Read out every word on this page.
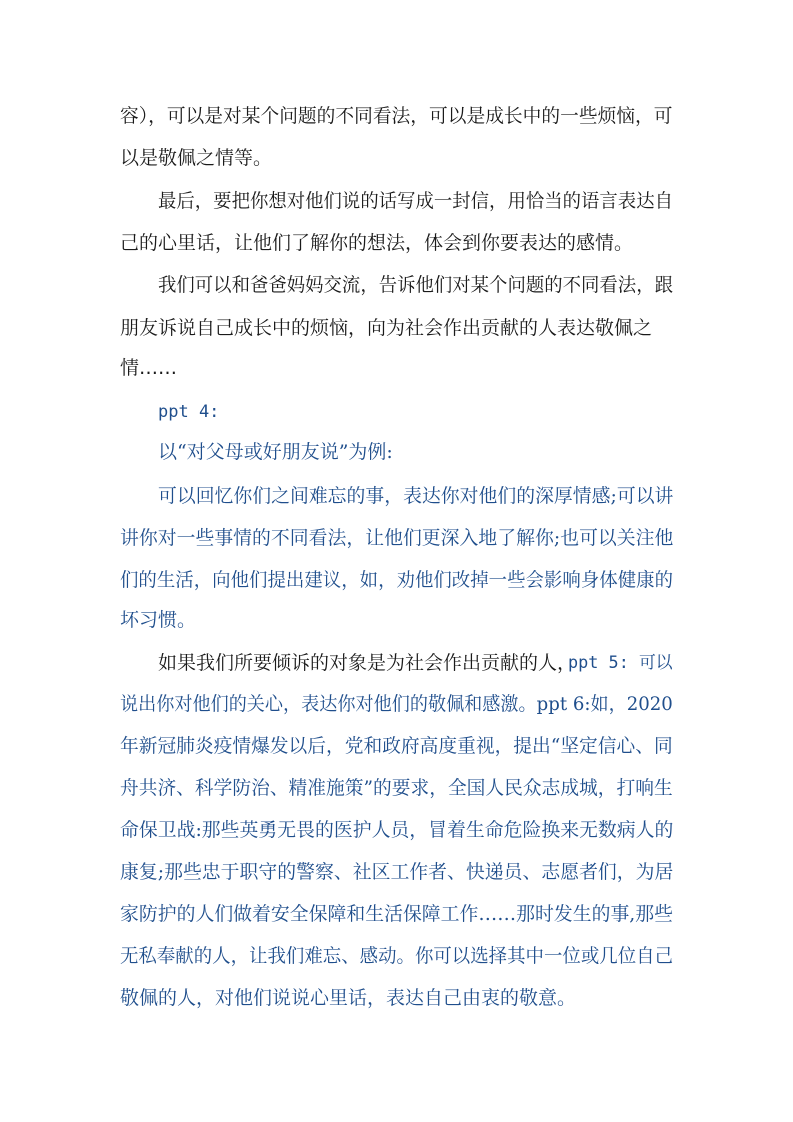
容），可以是对某个问题的不同看法，可以是成长中的一些烦恼，可
以是敬佩之情等。
最后，要把你想对他们说的话写成一封信，用恰当的语言表达自
己的心里话，让他们了解你的想法，体会到你要表达的感情。
我们可以和爸爸妈妈交流，告诉他们对某个问题的不同看法，跟
朋友诉说自己成长中的烦恼，向为社会作出贡献的人表达敬佩之
情……
ppt 4:
以“对父母或好朋友说”为例:
可以回忆你们之间难忘的事，表达你对他们的深厚情感;可以讲
讲你对一些事情的不同看法，让他们更深入地了解你;也可以关注他
们的生活，向他们提出建议，如，劝他们改掉一些会影响身体健康的
坏习惯。
如果我们所要倾诉的对象是为社会作出贡献的人，
ppt 5: 可以
说出你对他们的关心，表达你对他们的敬佩和感激。ppt 6:如，2020
年新冠肺炎疫情爆发以后，党和政府高度重视，提出“坚定信心、同
舟共济、科学防治、精准施策”的要求，全国人民众志成城，打响生
命保卫战:那些英勇无畏的医护人员，冒着生命危险换来无数病人的
康复;那些忠于职守的警察、社区工作者、快递员、志愿者们，为居
家防护的人们做着安全保障和生活保障工作……那时发生的事,那些
无私奉献的人，让我们难忘、感动。你可以选择其中一位或几位自己
敬佩的人，对他们说说心里话，表达自己由衷的敬意。
